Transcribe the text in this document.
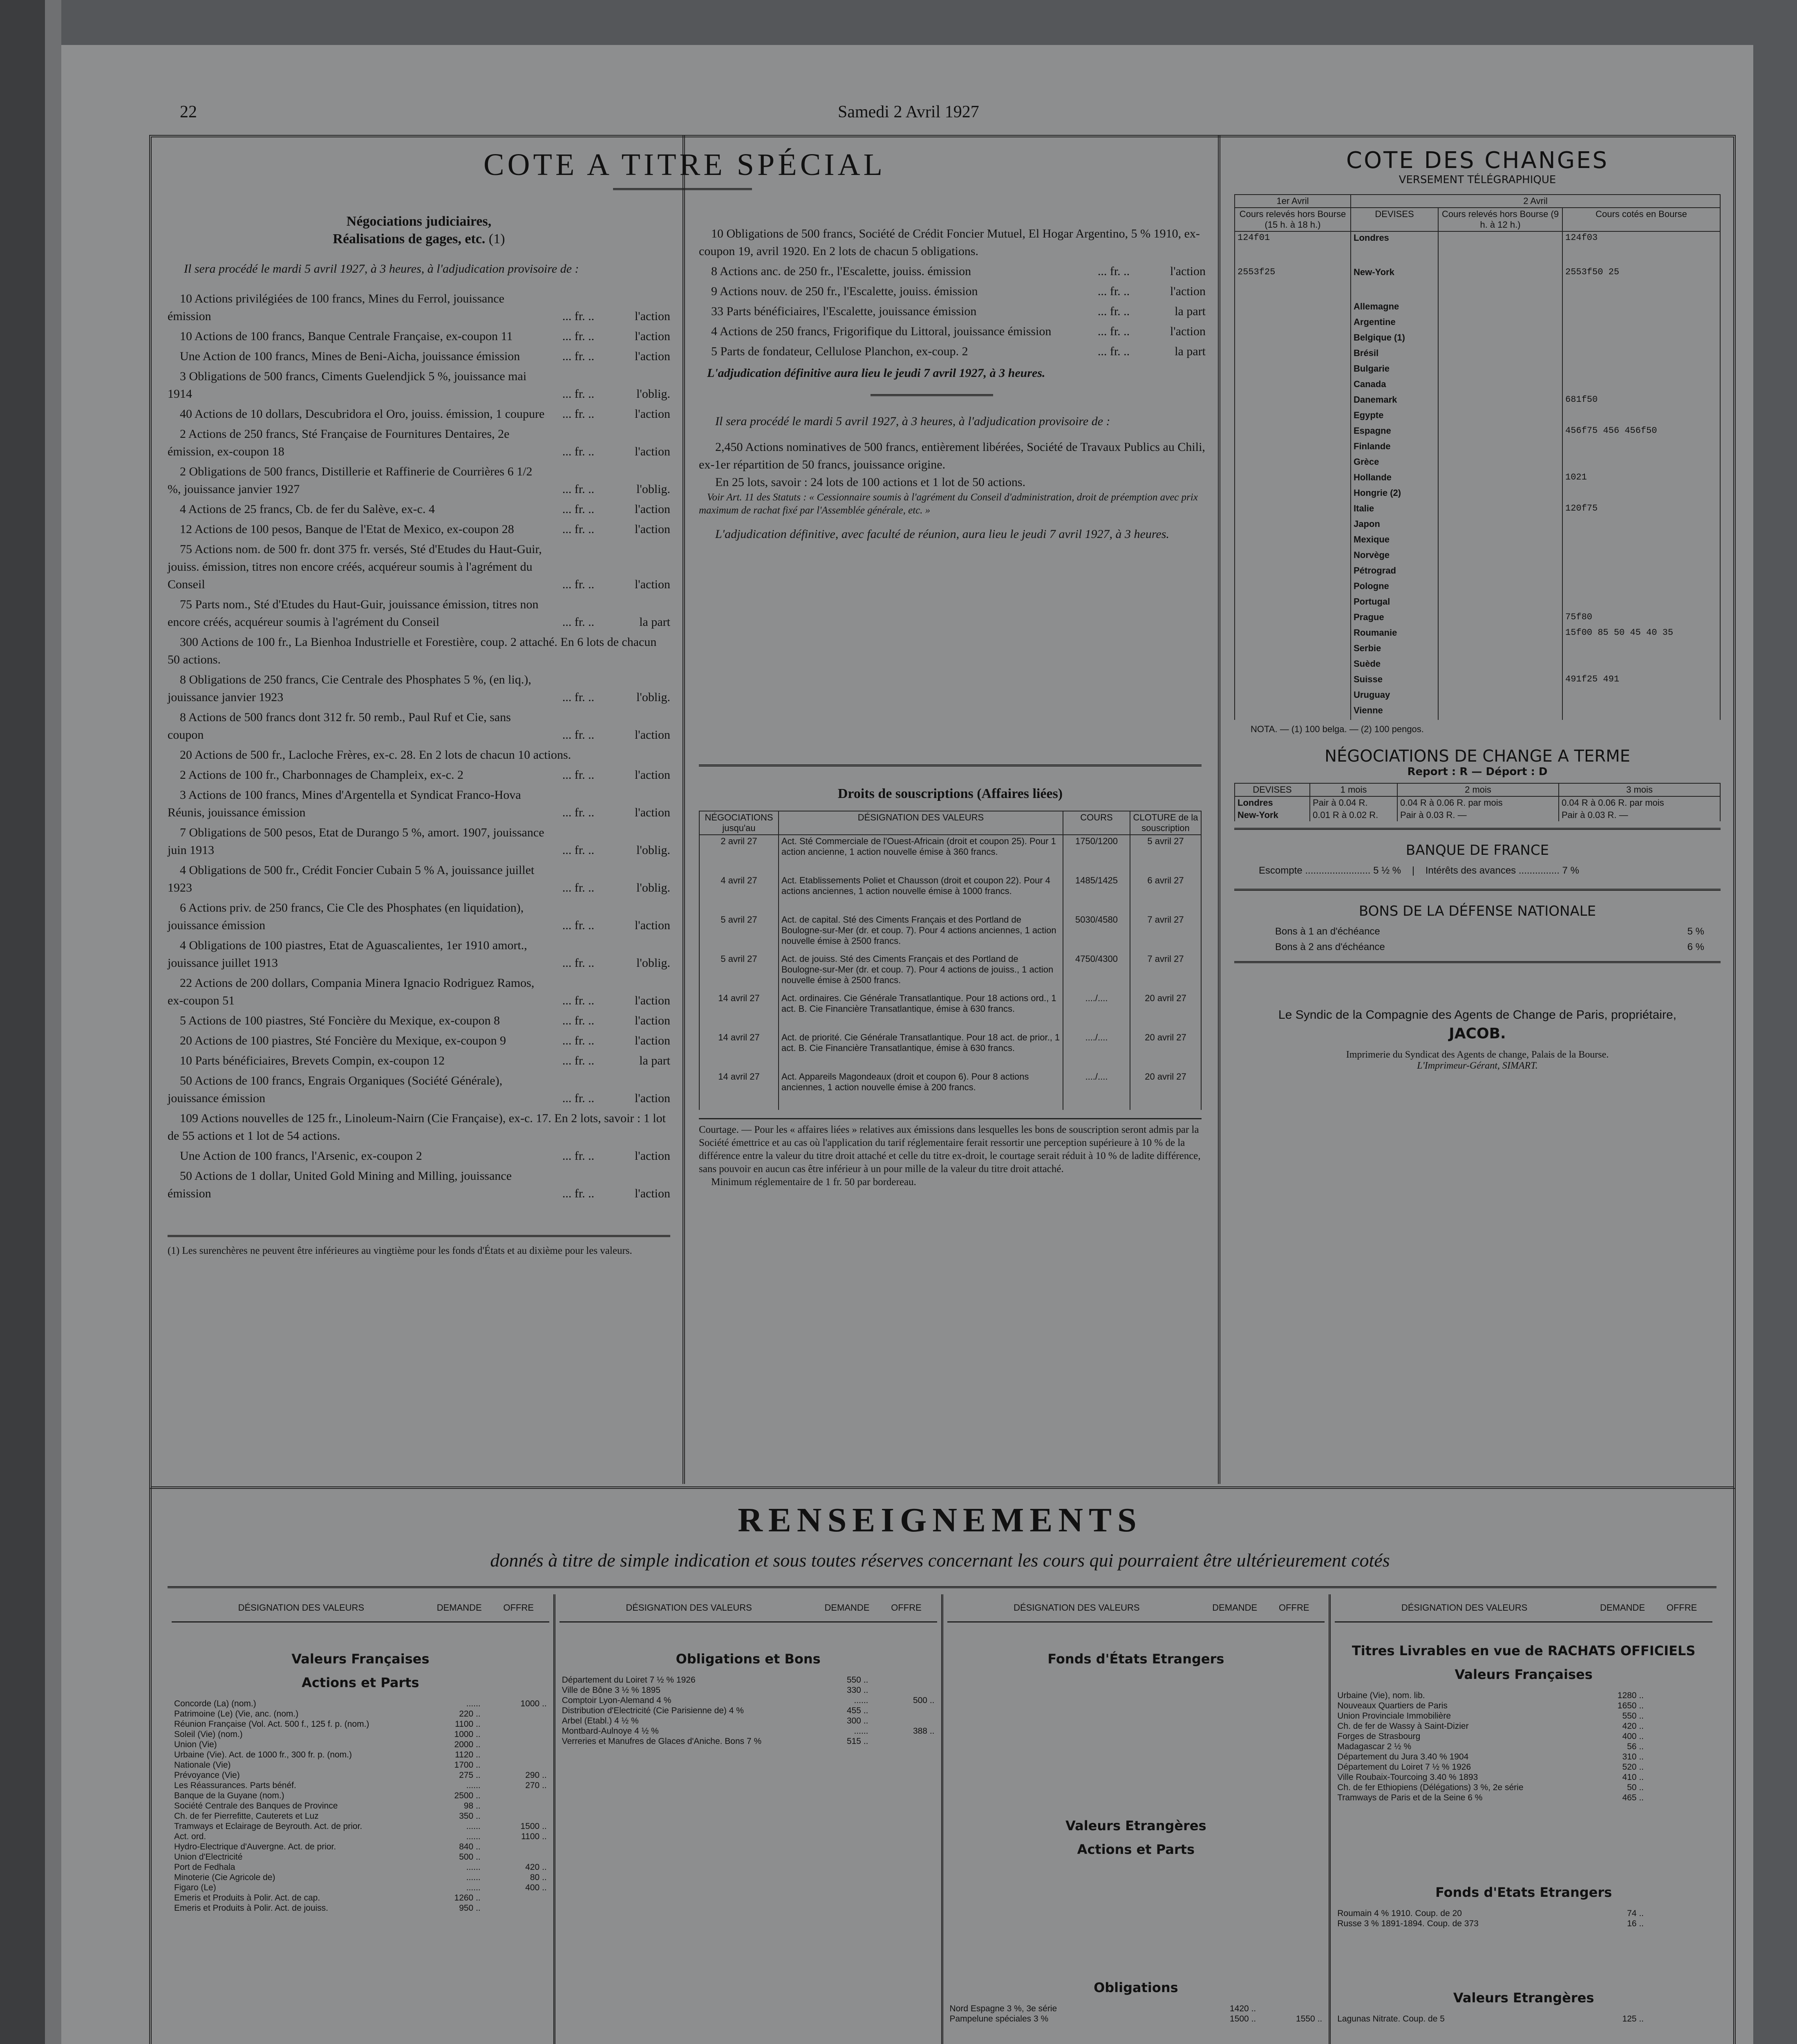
22	Samedi 2 Avril 1927
COTE A TITRE SPÉCIAL
Négociations judiciaires,
Réalisations de gages, etc. (1)
Il sera procédé le mardi 5 avril 1927, à 3 heures, à l'adjudication provisoire de :
10 Actions privilégiées de 100 francs, Mines du Ferrol, jouissance émission	... fr. ..	l'action
10 Actions de 100 francs, Banque Centrale Française, ex-coupon 11	... fr. ..	l'action
Une Action de 100 francs, Mines de Beni-Aicha, jouissance émission	... fr. ..	l'action
3 Obligations de 500 francs, Ciments Guelendjick 5 %, jouissance mai 1914	... fr. ..	l'oblig.
40 Actions de 10 dollars, Descubridora el Oro, jouiss. émission, 1 coupure	... fr. ..	l'action
2 Actions de 250 francs, Sté Française de Fournitures Dentaires, 2e émission, ex-coupon 18	... fr. ..	l'action
2 Obligations de 500 francs, Distillerie et Raffinerie de Courrières 6 1/2 %, jouissance janvier 1927	... fr. ..	l'oblig.
4 Actions de 25 francs, Cb. de fer du Salève, ex-c. 4	... fr. ..	l'action
12 Actions de 100 pesos, Banque de l'Etat de Mexico, ex-coupon 28	... fr. ..	l'action
75 Actions nom. de 500 fr. dont 375 fr. versés, Sté d'Etudes du Haut-Guir, jouiss. émission, titres non encore créés, acquéreur soumis à l'agrément du Conseil	... fr. ..	l'action
75 Parts nom., Sté d'Etudes du Haut-Guir, jouissance émission, titres non encore créés, acquéreur soumis à l'agrément du Conseil	... fr. ..	la part
300 Actions de 100 fr., La Bienhoa Industrielle et Forestière, coup. 2 attaché. En 6 lots de chacun 50 actions.
8 Obligations de 250 francs, Cie Centrale des Phosphates 5 %, (en liq.), jouissance janvier 1923	... fr. ..	l'oblig.
8 Actions de 500 francs dont 312 fr. 50 remb., Paul Ruf et Cie, sans coupon	... fr. ..	l'action
20 Actions de 500 fr., Lacloche Frères, ex-c. 28. En 2 lots de chacun 10 actions.
2 Actions de 100 fr., Charbonnages de Champleix, ex-c. 2	... fr. ..	l'action
3 Actions de 100 francs, Mines d'Argentella et Syndicat Franco-Hova Réunis, jouissance émission	... fr. ..	l'action
7 Obligations de 500 pesos, Etat de Durango 5 %, amort. 1907, jouissance juin 1913	... fr. ..	l'oblig.
4 Obligations de 500 fr., Crédit Foncier Cubain 5 % A, jouissance juillet 1923	... fr. ..	l'oblig.
6 Actions priv. de 250 francs, Cie Cle des Phosphates (en liquidation), jouissance émission	... fr. ..	l'action
4 Obligations de 100 piastres, Etat de Aguascalientes, 1er 1910 amort., jouissance juillet 1913	... fr. ..	l'oblig.
22 Actions de 200 dollars, Compania Minera Ignacio Rodriguez Ramos, ex-coupon 51	... fr. ..	l'action
5 Actions de 100 piastres, Sté Foncière du Mexique, ex-coupon 8	... fr. ..	l'action
20 Actions de 100 piastres, Sté Foncière du Mexique, ex-coupon 9	... fr. ..	l'action
10 Parts bénéficiaires, Brevets Compin, ex-coupon 12	... fr. ..	la part
50 Actions de 100 francs, Engrais Organiques (Société Générale), jouissance émission	... fr. ..	l'action
109 Actions nouvelles de 125 fr., Linoleum-Nairn (Cie Française), ex-c. 17. En 2 lots, savoir : 1 lot de 55 actions et 1 lot de 54 actions.
Une Action de 100 francs, l'Arsenic, ex-coupon 2	... fr. ..	l'action
50 Actions de 1 dollar, United Gold Mining and Milling, jouissance émission	... fr. ..	l'action
(1) Les surenchères ne peuvent être inférieures au vingtième pour les fonds d'États et au dixième pour les valeurs.
10 Obligations de 500 francs, Société de Crédit Foncier Mutuel, El Hogar Argentino, 5 % 1910, ex-coupon 19, avril 1920. En 2 lots de chacun 5 obligations.
8 Actions anc. de 250 fr., l'Escalette, jouiss. émission	... fr. ..	l'action
9 Actions nouv. de 250 fr., l'Escalette, jouiss. émission	... fr. ..	l'action
33 Parts bénéficiaires, l'Escalette, jouissance émission	... fr. ..	la part
4 Actions de 250 francs, Frigorifique du Littoral, jouissance émission	... fr. ..	l'action
5 Parts de fondateur, Cellulose Planchon, ex-coup. 2	... fr. ..	la part
L'adjudication définitive aura lieu le jeudi 7 avril 1927, à 3 heures.
Il sera procédé le mardi 5 avril 1927, à 3 heures, à l'adjudication provisoire de :
2,450 Actions nominatives de 500 francs, entièrement libérées, Société de Travaux Publics au Chili, ex-1er répartition de 50 francs, jouissance origine.
En 25 lots, savoir : 24 lots de 100 actions et 1 lot de 50 actions.
Voir Art. 11 des Statuts : « Cessionnaire soumis à l'agrément du Conseil d'administration, droit de préemption avec prix maximum de rachat fixé par l'Assemblée générale, etc. »
L'adjudication définitive, avec faculté de réunion, aura lieu le jeudi 7 avril 1927, à 3 heures.
Droits de souscriptions (Affaires liées)
NÉGOCIATIONS jusqu'au	DÉSIGNATION DES VALEURS	COURS	CLOTURE de la souscription
2 avril 27	Act. Sté Commerciale de l'Ouest-Africain (droit et coupon 25). Pour 1 action ancienne, 1 action nouvelle émise à 360 francs.	1750/1200	5 avril 27
4 avril 27	Act. Etablissements Poliet et Chausson (droit et coupon 22). Pour 4 actions anciennes, 1 action nouvelle émise à 1000 francs.	1485/1425	6 avril 27
5 avril 27	Act. de capital. Sté des Ciments Français et des Portland de Boulogne-sur-Mer (dr. et coup. 7). Pour 4 actions anciennes, 1 action nouvelle émise à 2500 francs.	5030/4580	7 avril 27
5 avril 27	Act. de jouiss. Sté des Ciments Français et des Portland de Boulogne-sur-Mer (dr. et coup. 7). Pour 4 actions de jouiss., 1 action nouvelle émise à 2500 francs.	4750/4300	7 avril 27
14 avril 27	Act. ordinaires. Cie Générale Transatlantique. Pour 18 actions ord., 1 act. B. Cie Financière Transatlantique, émise à 630 francs.	..../....	20 avril 27
14 avril 27	Act. de priorité. Cie Générale Transatlantique. Pour 18 act. de prior., 1 act. B. Cie Financière Transatlantique, émise à 630 francs.	..../....	20 avril 27
14 avril 27	Act. Appareils Magondeaux (droit et coupon 6). Pour 8 actions anciennes, 1 action nouvelle émise à 200 francs.	..../....	20 avril 27
Courtage. — Pour les « affaires liées » relatives aux émissions dans lesquelles les bons de souscription seront admis par la Société émettrice et au cas où l'application du tarif réglementaire ferait ressortir une perception supérieure à 10 % de la différence entre la valeur du titre droit attaché et celle du titre ex-droit, le courtage serait réduit à 10 % de ladite différence, sans pouvoir en aucun cas être inférieur à un pour mille de la valeur du titre droit attaché.
Minimum réglementaire de 1 fr. 50 par bordereau.
COTE DES CHANGES
VERSEMENT TÉLÉGRAPHIQUE
1er Avril	2 Avril		
Cours relevés hors Bourse (15 h. à 18 h.)	DEVISES	Cours relevés hors Bourse (9 h. à 12 h.)	Cours cotés en Bourse
124f01	Londres		124f03
2553f25	New-York		2553f50 25
	Allemagne		
	Argentine		
	Belgique (1)		
	Brésil		
	Bulgarie		
	Canada		
	Danemark		681f50
	Egypte		
	Espagne		456f75 456 456f50
	Finlande		
	Grèce		
	Hollande		1021
	Hongrie (2)		
	Italie		120f75
	Japon		
	Mexique		
	Norvège		
	Pétrograd		
	Pologne		
	Portugal		
	Prague		75f80
	Roumanie		15f00 85 50 45 40 35
	Serbie		
	Suède		
	Suisse		491f25 491
	Uruguay		
	Vienne		
NOTA. — (1) 100 belga. — (2) 100 pengos.
NÉGOCIATIONS DE CHANGE A TERME
Report : R — Déport : D
DEVISES	1 mois	2 mois	3 mois
Londres	Pair à 0.04 R.	0.04 R à 0.06 R. par mois	0.04 R à 0.06 R. par mois
New-York	0.01 R à 0.02 R.	Pair à 0.03 R. —	Pair à 0.03 R. —
BANQUE DE FRANCE
Escompte ........................ 5 ½ %    |    Intérêts des avances ............... 7 %
BONS DE LA DÉFENSE NATIONALE
Bons à 1 an d'échéance	5 %
Bons à 2 ans d'échéance	6 %
Le Syndic de la Compagnie des Agents de Change de Paris, propriétaire,
JACOB.
Imprimerie du Syndicat des Agents de change, Palais de la Bourse.
L'Imprimeur-Gérant, SIMART.
RENSEIGNEMENTS
donnés à titre de simple indication et sous toutes réserves concernant les cours qui pourraient être ultérieurement cotés
DÉSIGNATION DES VALEURS	DEMANDE	OFFRE
Valeurs Françaises
Actions et Parts
Concorde (La) (nom.)	......	1000 ..
Patrimoine (Le) (Vie, anc. (nom.)	220 ..	
Réunion Française (Vol. Act. 500 f., 125 f. p. (nom.)	1100 ..	
Soleil (Vie) (nom.)	1000 ..	
Union (Vie)	2000 ..	
Urbaine (Vie). Act. de 1000 fr., 300 fr. p. (nom.)	1120 ..	
Nationale (Vie)	1700 ..	
Prévoyance (Vie)	275 ..	290 ..
Les Réassurances. Parts bénéf.	......	270 ..
Banque de la Guyane (nom.)	2500 ..	
Société Centrale des Banques de Province	98 ..	
Ch. de fer Pierrefitte, Cauterets et Luz	350 ..	
Tramways et Eclairage de Beyrouth. Act. de prior.	......	1500 ..
Act. ord.	......	1100 ..
Hydro-Electrique d'Auvergne. Act. de prior.	840 ..	
Union d'Electricité	500 ..	
Port de Fedhala	......	420 ..
Minoterie (Cie Agricole de)	......	80 ..
Figaro (Le)	......	400 ..
Emeris et Produits à Polir. Act. de cap.	1260 ..	
Emeris et Produits à Polir. Act. de jouiss.	950 ..	
DÉSIGNATION DES VALEURS	DEMANDE	OFFRE
Obligations et Bons
Département du Loiret 7 ½ % 1926	550 ..	
Ville de Bône 3 ½ % 1895	330 ..	
Comptoir Lyon-Alemand 4 %	......	500 ..
Distribution d'Electricité (Cie Parisienne de) 4 %	455 ..	
Arbel (Etabl.) 4 ½ %	300 ..	
Montbard-Aulnoye 4 ½ %	......	388 ..
Verreries et Manufres de Glaces d'Aniche. Bons 7 %	515 ..	
DÉSIGNATION DES VALEURS	DEMANDE	OFFRE
Fonds d'États Etrangers
Valeurs Etrangères
Actions et Parts
Obligations
Nord Espagne 3 %, 3e série	1420 ..	
Pampelune spéciales 3 %	1500 ..	1550 ..
DÉSIGNATION DES VALEURS	DEMANDE	OFFRE
Titres Livrables en vue de RACHATS OFFICIELS
Valeurs Françaises
Urbaine (Vie), nom. lib.	1280 ..	
Nouveaux Quartiers de Paris	1650 ..	
Union Provinciale Immobilière	550 ..	
Ch. de fer de Wassy à Saint-Dizier	420 ..	
Forges de Strasbourg	400 ..	
Madagascar 2 ½ %	56 ..	
Département du Jura 3.40 % 1904	310 ..	
Département du Loiret 7 ½ % 1926	520 ..	
Ville Roubaix-Tourcoing 3.40 % 1893	410 ..	
Ch. de fer Ethiopiens (Délégations) 3 %, 2e série	50 ..	
Tramways de Paris et de la Seine 6 %	465 ..	
Fonds d'Etats Etrangers
Roumain 4 % 1910. Coup. de 20	74 ..	
Russe 3 % 1891-1894. Coup. de 373	16 ..	
Valeurs Etrangères
Lagunas Nitrate. Coup. de 5	125 ..	
